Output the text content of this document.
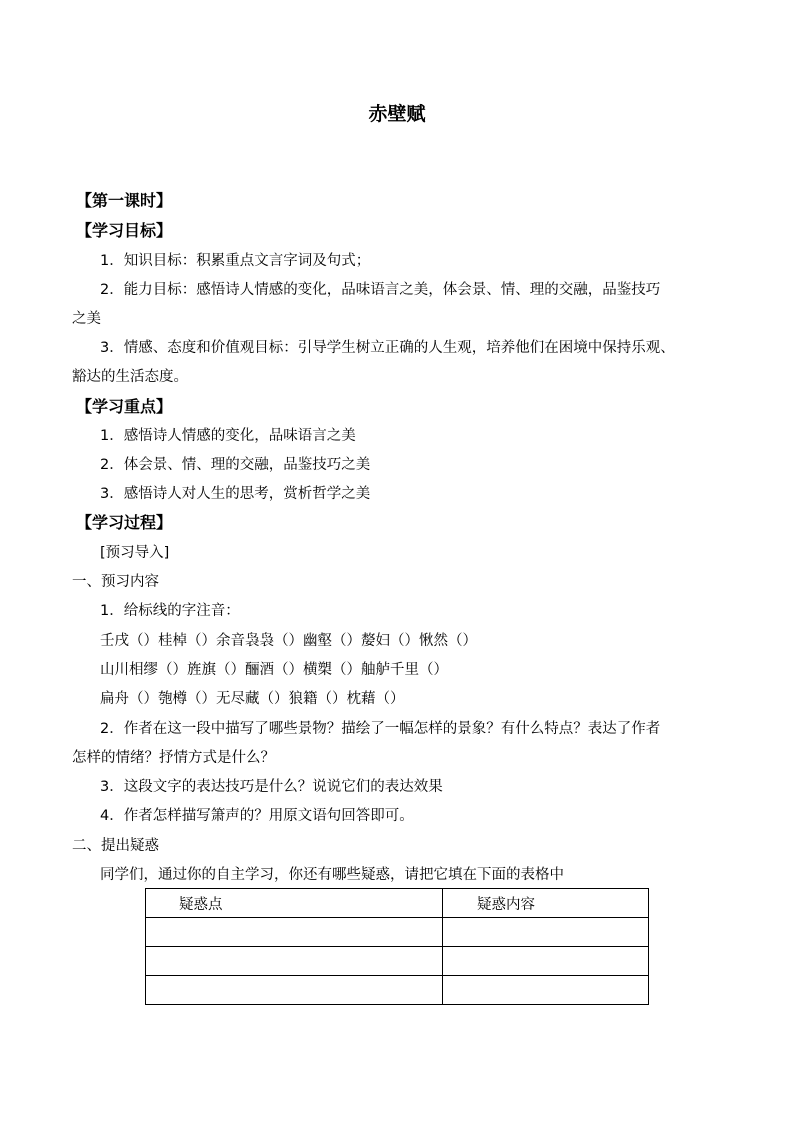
赤壁赋
【第一课时】
【学习目标】
1．知识目标：积累重点文言字词及句式；
2．能力目标：感悟诗人情感的变化，品味语言之美，体会景、情、理的交融，品鉴技巧
之美
3．情感、态度和价值观目标：引导学生树立正确的人生观，培养他们在困境中保持乐观、
豁达的生活态度。
【学习重点】
1．感悟诗人情感的变化，品味语言之美
2．体会景、情、理的交融，品鉴技巧之美
3．感悟诗人对人生的思考，赏析哲学之美
【学习过程】
[预习导入]
一、预习内容
1．给标线的字注音：
壬戌（）桂棹（）余音袅袅（）幽壑（）嫠妇（）愀然（）
山川相缪（）旌旗（）酾酒（）横槊（）舳舻千里（）
扁舟（）匏樽（）无尽藏（）狼籍（）枕藉（）
2．作者在这一段中描写了哪些景物？描绘了一幅怎样的景象？有什么特点？表达了作者
怎样的情绪？抒情方式是什么？
3．这段文字的表达技巧是什么？说说它们的表达效果
4．作者怎样描写箫声的？用原文语句回答即可。
二、提出疑惑
同学们，通过你的自主学习，你还有哪些疑惑，请把它填在下面的表格中
疑惑点	疑惑内容
